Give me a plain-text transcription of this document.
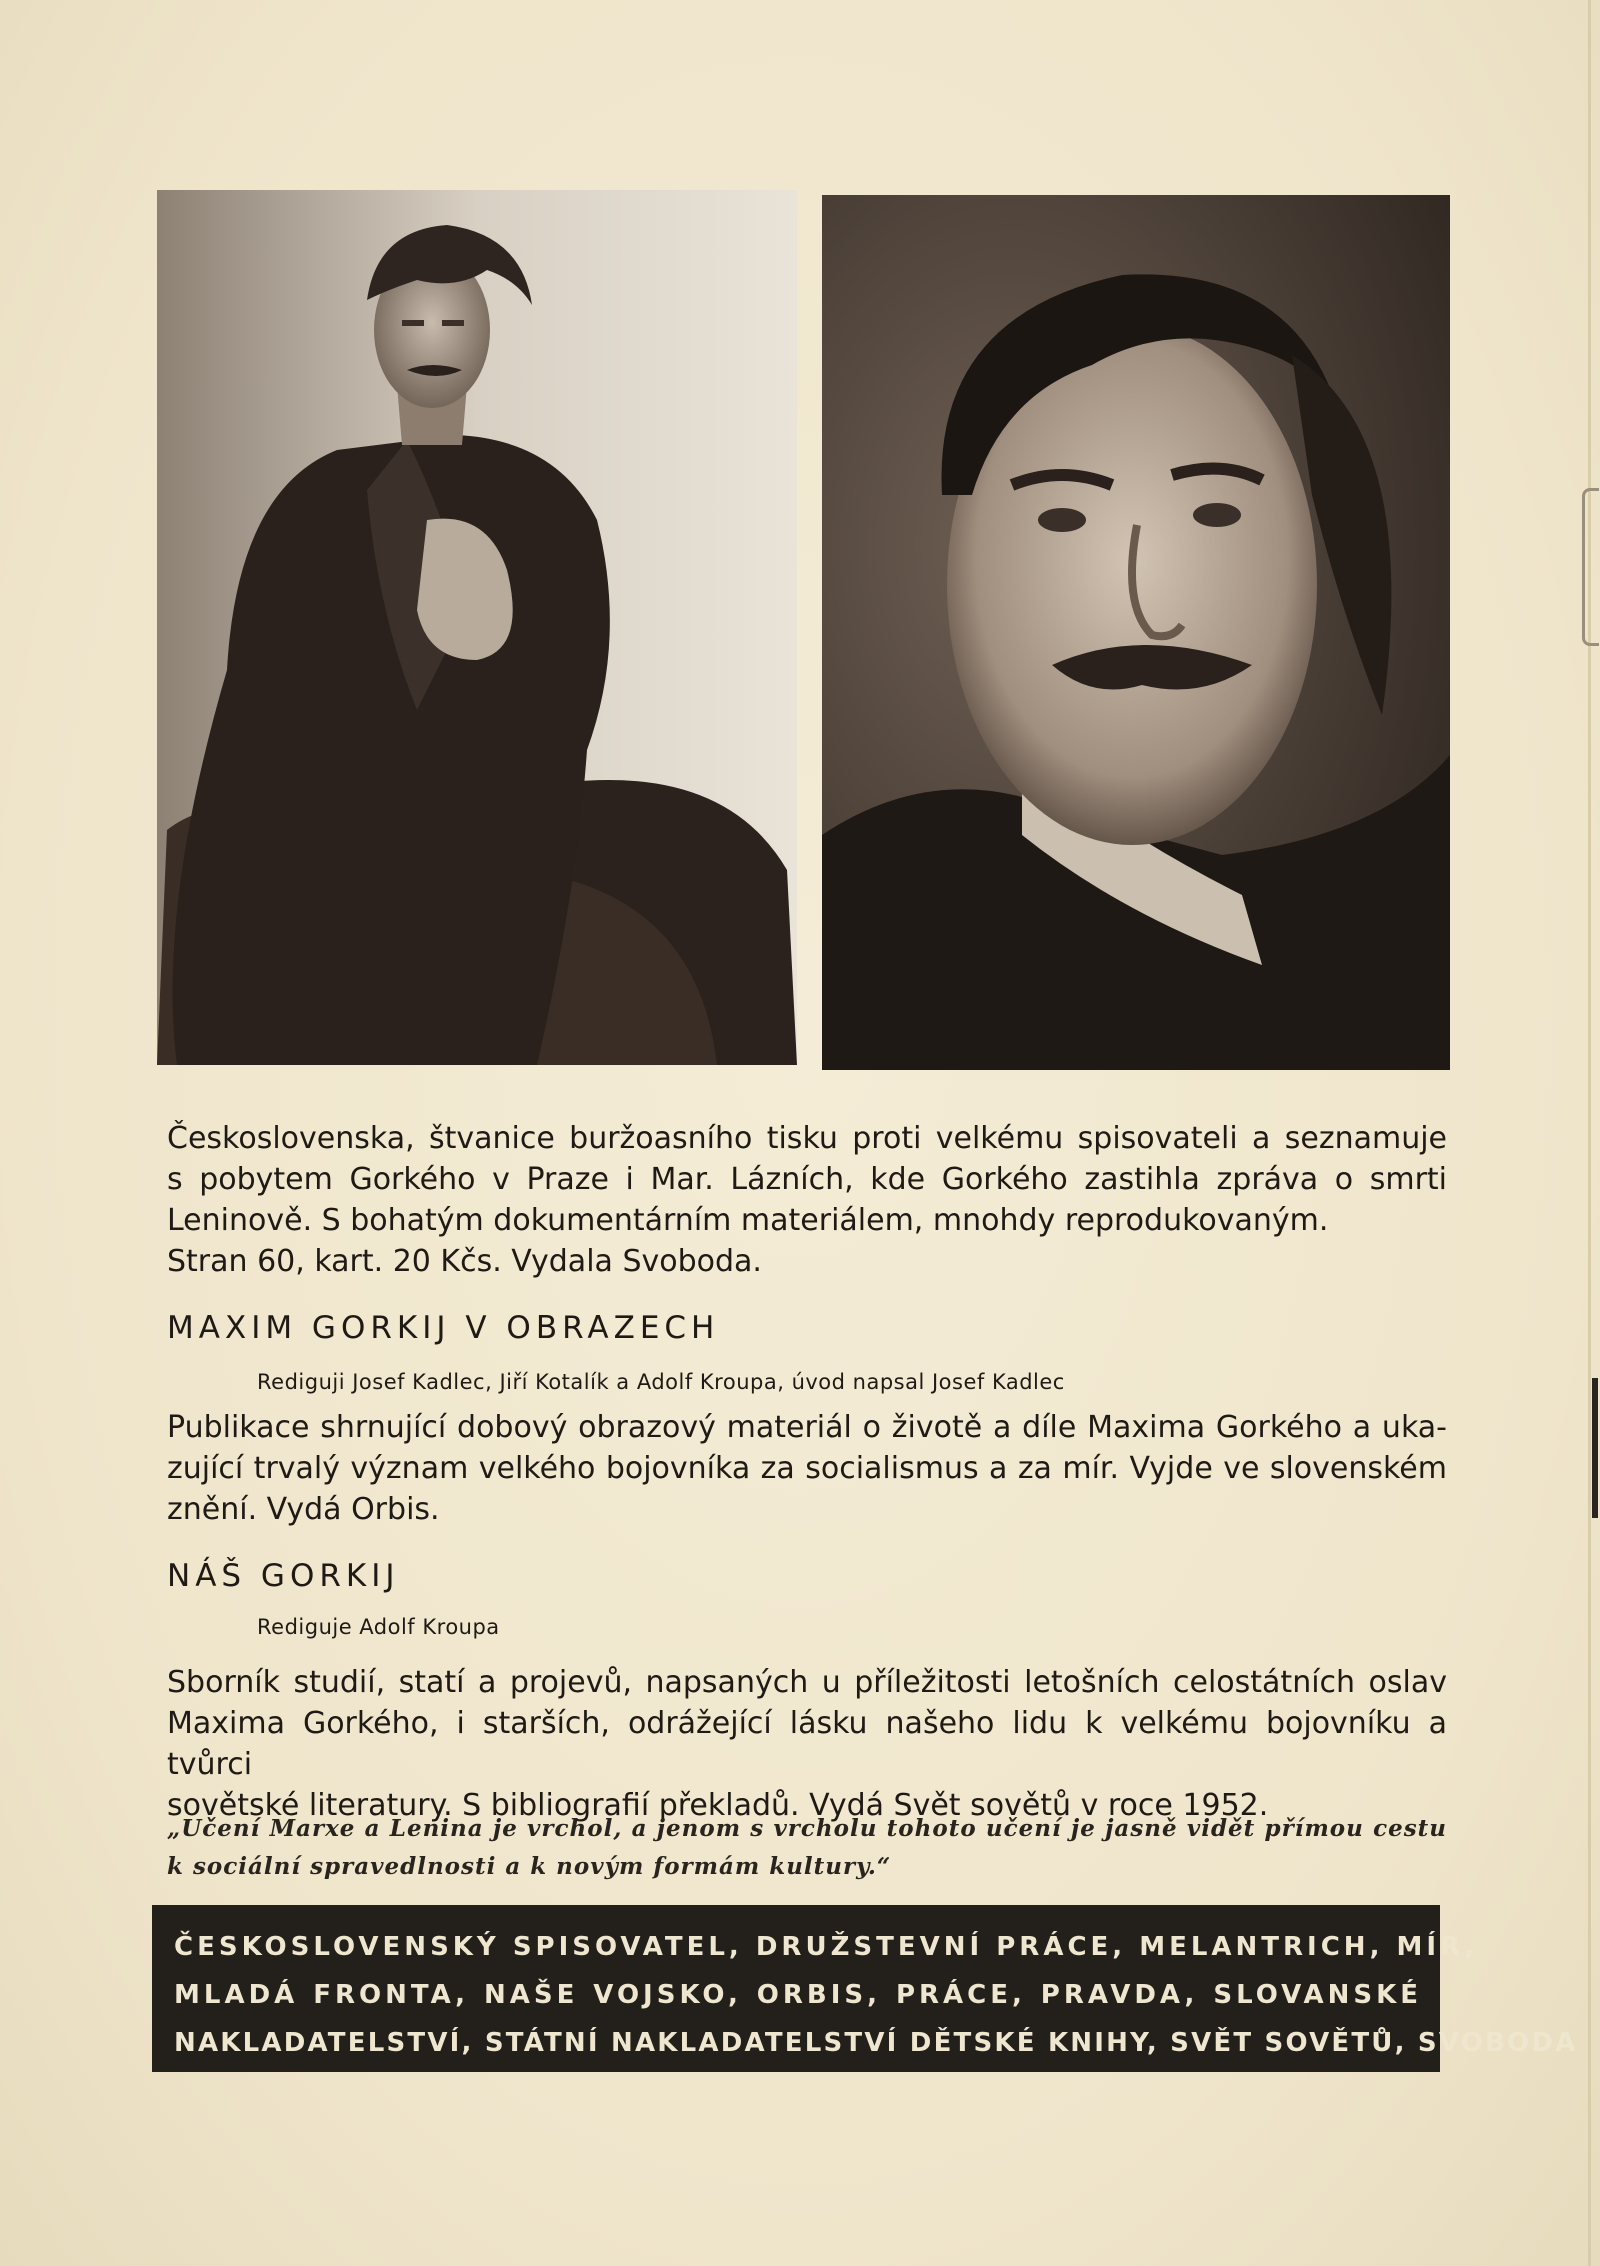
Československa, štvanice buržoasního tisku proti velkému spisovateli a seznamuje
s pobytem Gorkého v Praze i Mar. Lázních, kde Gorkého zastihla zpráva o smrti
Leninově. S bohatým dokumentárním materiálem, mnohdy reprodukovaným.
Stran 60, kart. 20 Kčs. Vydala Svoboda.
MAXIM GORKIJ V OBRAZECH
Rediguji Josef Kadlec, Jiří Kotalík a Adolf Kroupa, úvod napsal Josef Kadlec
Publikace shrnující dobový obrazový materiál o životě a díle Maxima Gorkého a uka-
zující trvalý význam velkého bojovníka za socialismus a za mír. Vyjde ve slovenském
znění. Vydá Orbis.
NÁŠ GORKIJ
Rediguje Adolf Kroupa
Sborník studií, statí a projevů, napsaných u příležitosti letošních celostátních oslav
Maxima Gorkého, i starších, odrážející lásku našeho lidu k velkému bojovníku a tvůrci
sovětské literatury. S bibliografií překladů. Vydá Svět sovětů v roce 1952.
„Učení Marxe a Lenina je vrchol, a jenom s vrcholu tohoto učení je jasně vidět přímou cestu
k sociální spravedlnosti a k novým formám kultury.“
ČESKOSLOVENSKÝ SPISOVATEL, DRUŽSTEVNÍ PRÁCE, MELANTRICH, MÍR,
MLADÁ FRONTA, NAŠE VOJSKO, ORBIS, PRÁCE, PRAVDA, SLOVANSKÉ
NAKLADATELSTVÍ, STÁTNÍ NAKLADATELSTVÍ DĚTSKÉ KNIHY, SVĚT SOVĚTŮ, SVOBODA
